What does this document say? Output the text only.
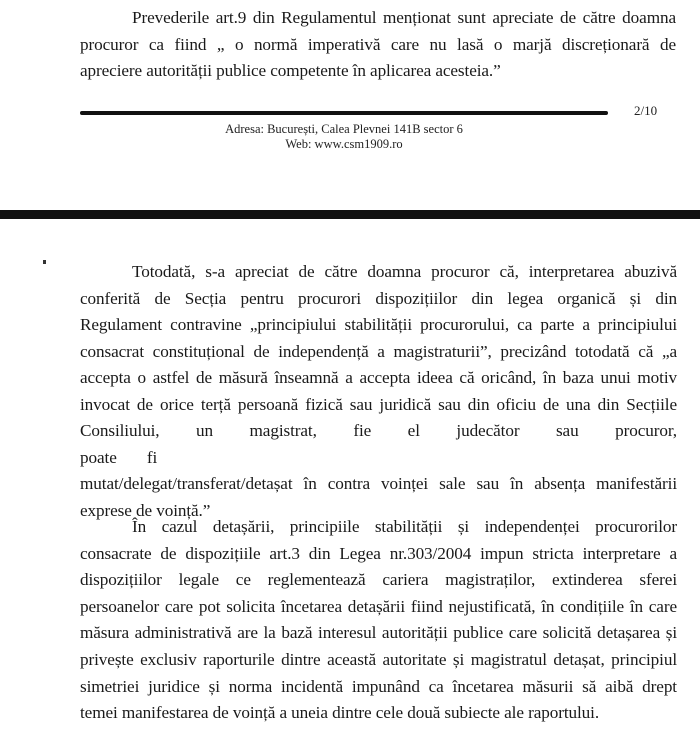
Prevederile art.9 din Regulamentul menționat sunt apreciate de către doamna
procuror ca fiind „ o normă imperativă care nu lasă o marjă discreționară de
apreciere autorității publice competente în aplicarea acesteia.”
2/10
Adresa: București, Calea Plevnei 141B sector 6
Web: www.csm1909.ro
Totodată, s-a apreciat de către doamna procuror că, interpretarea abuzivă
conferită de Secția pentru procurori dispozițiilor din legea organică și din
Regulament contravine „principiului stabilității procurorului, ca parte a principiului
consacrat constituțional de independență a magistraturii”, precizând totodată că „a
accepta o astfel de măsură înseamnă a accepta ideea că oricând, în baza unui motiv
invocat de orice terță persoană fizică sau juridică sau din oficiu de una din Secțiile
Consiliului, un magistrat, fie el judecător sau procuror, poate fi
mutat/delegat/transferat/detașat în contra voinței sale sau în absența manifestării
exprese de voință.”
În cazul detașării, principiile stabilității și independenței procurorilor
consacrate de dispozițiile art.3 din Legea nr.303/2004 impun stricta interpretare a
dispozițiilor legale ce reglementează cariera magistraților, extinderea sferei
persoanelor care pot solicita încetarea detașării fiind nejustificată, în condițiile în care
măsura administrativă are la bază interesul autorității publice care solicită detașarea și
privește exclusiv raporturile dintre această autoritate și magistratul detașat, principiul
simetriei juridice și norma incidentă impunând ca încetarea măsurii să aibă drept
temei manifestarea de voință a uneia dintre cele două subiecte ale raportului.
